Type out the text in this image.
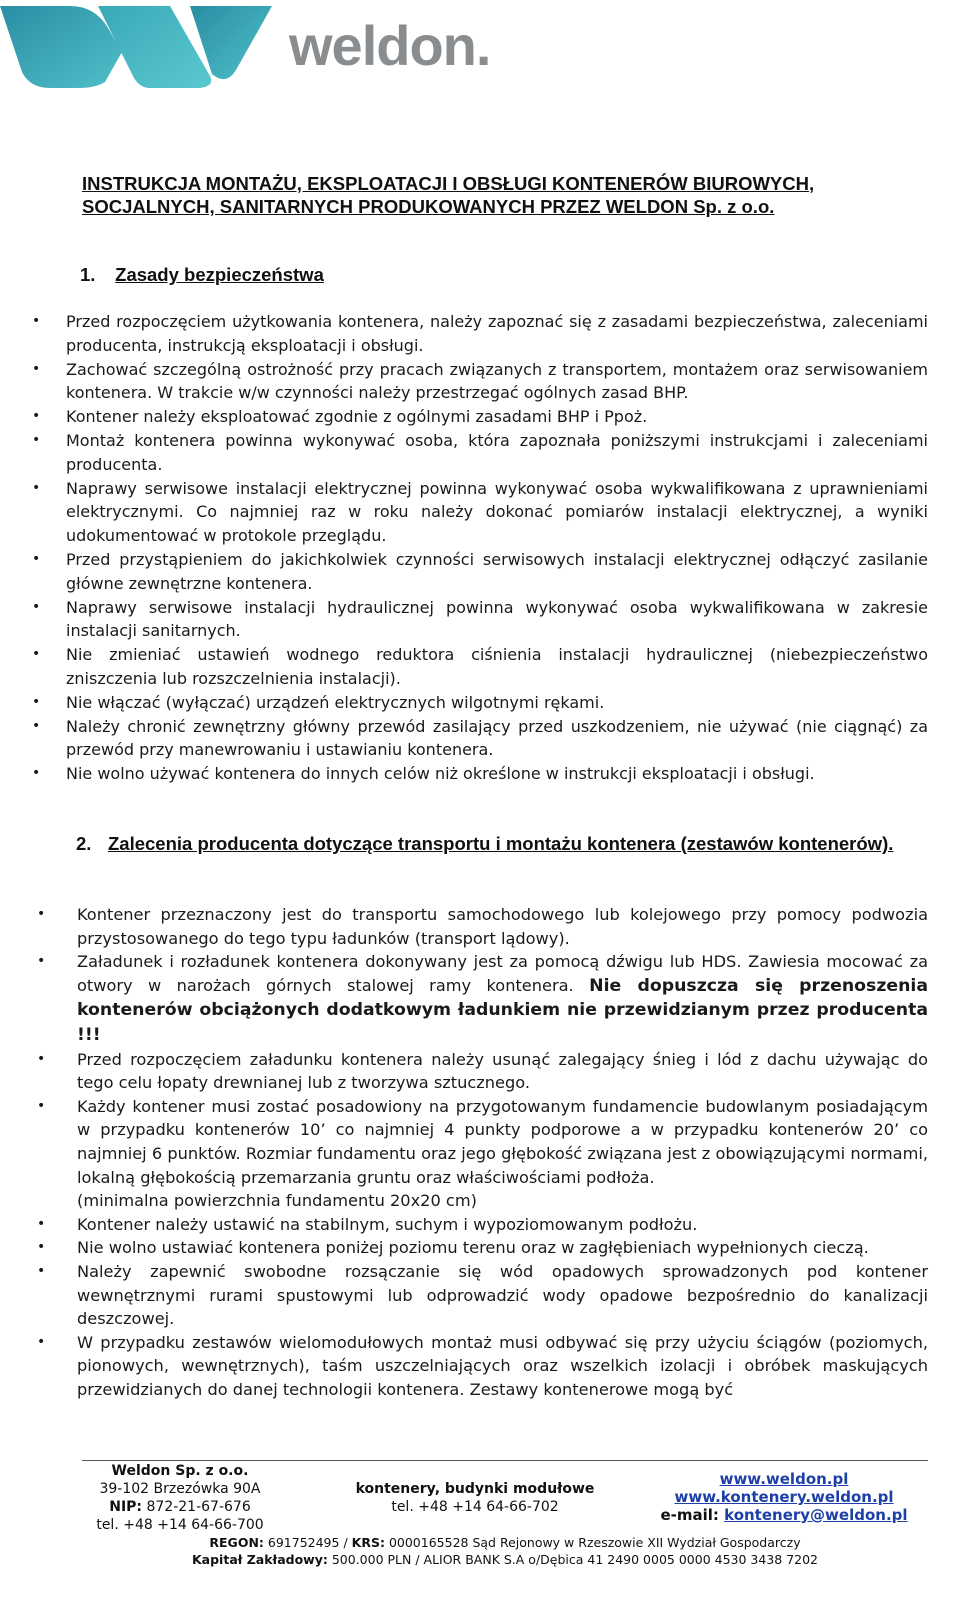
weldon.
INSTRUKCJA MONTAŻU, EKSPLOATACJI I OBSŁUGI KONTENERÓW BIUROWYCH,
SOCJALNYCH, SANITARNYCH PRODUKOWANYCH PRZEZ WELDON Sp. z o.o.
1. Zasady bezpieczeństwa
• Przed rozpoczęciem użytkowania kontenera, należy zapoznać się z zasadami bezpieczeństwa, zaleceniami producenta, instrukcją eksploatacji i obsługi.
• Zachować szczególną ostrożność przy pracach związanych z transportem, montażem oraz serwisowaniem kontenera. W trakcie w/w czynności należy przestrzegać ogólnych zasad BHP.
• Kontener należy eksploatować zgodnie z ogólnymi zasadami BHP i Ppoż.
• Montaż kontenera powinna wykonywać osoba, która zapoznała poniższymi instrukcjami i zaleceniami producenta.
• Naprawy serwisowe instalacji elektrycznej powinna wykonywać osoba wykwalifikowana z uprawnieniami elektrycznymi. Co najmniej raz w roku należy dokonać pomiarów instalacji elektrycznej, a wyniki udokumentować w protokole przeglądu.
• Przed przystąpieniem do jakichkolwiek czynności serwisowych instalacji elektrycznej odłączyć zasilanie główne zewnętrzne kontenera.
• Naprawy serwisowe instalacji hydraulicznej powinna wykonywać osoba wykwalifikowana w zakresie instalacji sanitarnych.
• Nie zmieniać ustawień wodnego reduktora ciśnienia instalacji hydraulicznej (niebezpieczeństwo zniszczenia lub rozszczelnienia instalacji).
• Nie włączać (wyłączać) urządzeń elektrycznych wilgotnymi rękami.
• Należy chronić zewnętrzny główny przewód zasilający przed uszkodzeniem, nie używać (nie ciągnąć) za przewód przy manewrowaniu i ustawianiu kontenera.
• Nie wolno używać kontenera do innych celów niż określone w instrukcji eksploatacji i obsługi.
2. Zalecenia producenta dotyczące transportu i montażu kontenera (zestawów kontenerów).
• Kontener przeznaczony jest do transportu samochodowego lub kolejowego przy pomocy podwozia przystosowanego do tego typu ładunków (transport lądowy).
• Załadunek i rozładunek kontenera dokonywany jest za pomocą dźwigu lub HDS. Zawiesia mocować za otwory w narożach górnych stalowej ramy kontenera. Nie dopuszcza się przenoszenia kontenerów obciążonych dodatkowym ładunkiem nie przewidzianym przez producenta !!!
• Przed rozpoczęciem załadunku kontenera należy usunąć zalegający śnieg i lód z dachu używając do tego celu łopaty drewnianej lub z tworzywa sztucznego.
• Każdy kontener musi zostać posadowiony na przygotowanym fundamencie budowlanym posiadającym w przypadku kontenerów 10’ co najmniej 4 punkty podporowe a w przypadku kontenerów 20’ co najmniej 6 punktów. Rozmiar fundamentu oraz jego głębokość związana jest z obowiązującymi normami, lokalną głębokością przemarzania gruntu oraz właściwościami podłoża.
(minimalna powierzchnia fundamentu 20x20 cm)
• Kontener należy ustawić na stabilnym, suchym i wypoziomowanym podłożu.
• Nie wolno ustawiać kontenera poniżej poziomu terenu oraz w zagłębieniach wypełnionych cieczą.
• Należy zapewnić swobodne rozsączanie się wód opadowych sprowadzonych pod kontener wewnętrznymi rurami spustowymi lub odprowadzić wody opadowe bezpośrednio do kanalizacji deszczowej.
• W przypadku zestawów wielomodułowych montaż musi odbywać się przy użyciu ściągów (poziomych, pionowych, wewnętrznych), taśm uszczelniających oraz wszelkich izolacji i obróbek maskujących przewidzianych do danej technologii kontenera. Zestawy kontenerowe mogą być
Weldon Sp. z o.o.
39-102 Brzezówka 90A
NIP: 872-21-67-676
tel. +48 +14 64-66-700
kontenery, budynki modułowe
tel. +48 +14 64-66-702
www.weldon.pl
www.kontenery.weldon.pl
e-mail: kontenery@weldon.pl
REGON: 691752495 / KRS: 0000165528 Sąd Rejonowy w Rzeszowie XII Wydział Gospodarczy
Kapitał Zakładowy: 500.000 PLN / ALIOR BANK S.A o/Dębica 41 2490 0005 0000 4530 3438 7202
